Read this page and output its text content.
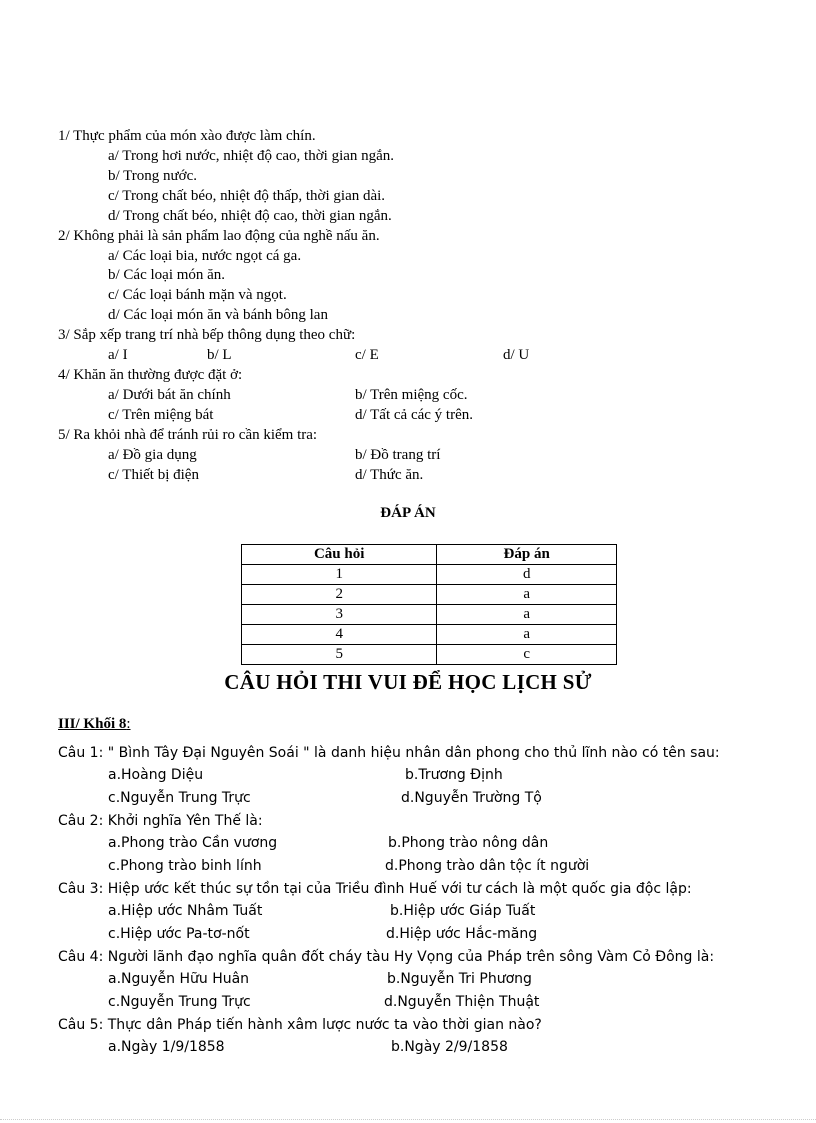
1/ Thực phẩm của món xào được làm chín.
a/ Trong hơi nước, nhiệt độ cao, thời gian ngắn.
b/ Trong nước.
c/ Trong chất béo, nhiệt độ thấp, thời gian dài.
d/ Trong chất béo, nhiệt độ cao, thời gian ngắn.
2/ Không phải là sản phẩm lao động của nghề nấu ăn.
a/ Các loại bia, nước ngọt cá ga.
b/ Các loại món ăn.
c/ Các loại bánh mặn và ngọt.
d/ Các loại món ăn và bánh bông lan
3/ Sắp xếp trang trí nhà bếp thông dụng theo chữ:
a/ I	b/ L	c/ E	d/ U
4/ Khăn ăn thường được đặt ở:
a/ Dưới bát ăn chính	b/ Trên miệng cốc.
c/ Trên miệng bát	d/ Tất cả các ý trên.
5/ Ra khỏi nhà để tránh rủi ro cần kiểm tra:
a/ Đồ gia dụng	b/ Đồ trang trí
c/ Thiết bị điện	d/ Thức ăn.
ĐÁP ÁN
Câu hỏi	Đáp án
1	d
2	a
3	a
4	a
5	c
CÂU HỎI THI VUI ĐỂ HỌC LỊCH SỬ
III/ Khối 8:
Câu 1: " Bình Tây Đại Nguyên Soái " là danh hiệu nhân dân phong cho thủ lĩnh nào có tên sau:
a.Hoàng Diệu	b.Trương Định
c.Nguyễn Trung Trực	d.Nguyễn Trường Tộ
Câu 2: Khởi nghĩa Yên Thế là:
a.Phong trào Cần vương	b.Phong trào nông dân
c.Phong trào binh lính	d.Phong trào dân tộc ít người
Câu 3: Hiệp ước kết thúc sự tồn tại của Triều đình Huế với tư cách là một quốc gia độc lập:
a.Hiệp ước Nhâm Tuất	b.Hiệp ước Giáp Tuất
c.Hiệp ước Pa-tơ-nốt	d.Hiệp ước Hắc-măng
Câu 4: Người lãnh đạo nghĩa quân đốt cháy tàu Hy Vọng của Pháp trên sông Vàm Cỏ Đông là:
a.Nguyễn Hữu Huân	b.Nguyễn Tri Phương
c.Nguyễn Trung Trực	d.Nguyễn Thiện Thuật
Câu 5: Thực dân Pháp tiến hành xâm lược nước ta vào thời gian nào?
a.Ngày 1/9/1858	b.Ngày 2/9/1858
